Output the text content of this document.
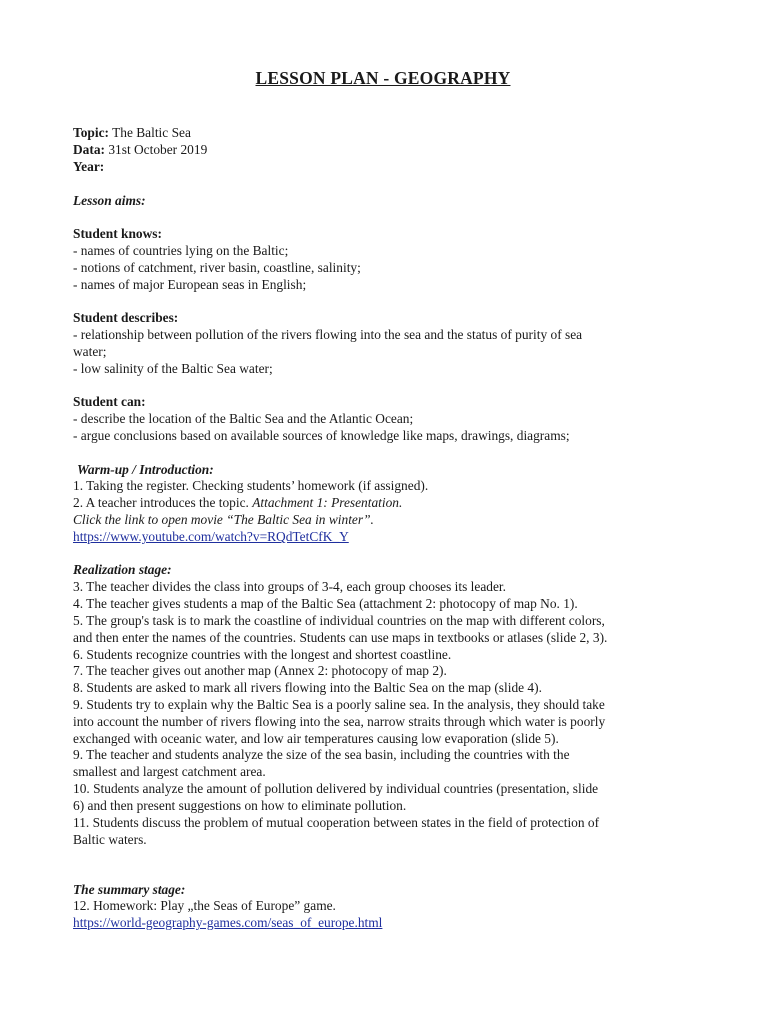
LESSON PLAN - GEOGRAPHY
Topic: The Baltic Sea
Data: 31st October 2019
Year:
Lesson aims:
Student knows:
- names of countries lying on the Baltic;
- notions of catchment, river basin, coastline, salinity;
- names of major European seas in English;
Student describes:
- relationship between pollution of the rivers flowing into the sea and the status of purity of sea
water;
- low salinity of the Baltic Sea water;
Student can:
- describe the location of the Baltic Sea and the Atlantic Ocean;
- argue conclusions based on available sources of knowledge like maps, drawings, diagrams;
Warm-up / Introduction:
1. Taking the register. Checking students’ homework (if assigned).
2. A teacher introduces the topic. Attachment 1: Presentation.
Click the link to open movie “The Baltic Sea in winter”.
https://www.youtube.com/watch?v=RQdTetCfK_Y
Realization stage:
3. The teacher divides the class into groups of 3-4, each group chooses its leader.
4. The teacher gives students a map of the Baltic Sea (attachment 2: photocopy of map No. 1).
5. The group's task is to mark the coastline of individual countries on the map with different colors,
and then enter the names of the countries. Students can use maps in textbooks or atlases (slide 2, 3).
6. Students recognize countries with the longest and shortest coastline.
7. The teacher gives out another map (Annex 2: photocopy of map 2).
8. Students are asked to mark all rivers flowing into the Baltic Sea on the map (slide 4).
9. Students try to explain why the Baltic Sea is a poorly saline sea. In the analysis, they should take
into account the number of rivers flowing into the sea, narrow straits through which water is poorly
exchanged with oceanic water, and low air temperatures causing low evaporation (slide 5).
9. The teacher and students analyze the size of the sea basin, including the countries with the
smallest and largest catchment area.
10. Students analyze the amount of pollution delivered by individual countries (presentation, slide
6) and then present suggestions on how to eliminate pollution.
11. Students discuss the problem of mutual cooperation between states in the field of protection of
Baltic waters.
The summary stage:
12. Homework: Play „the Seas of Europe” game.
https://world-geography-games.com/seas_of_europe.html
